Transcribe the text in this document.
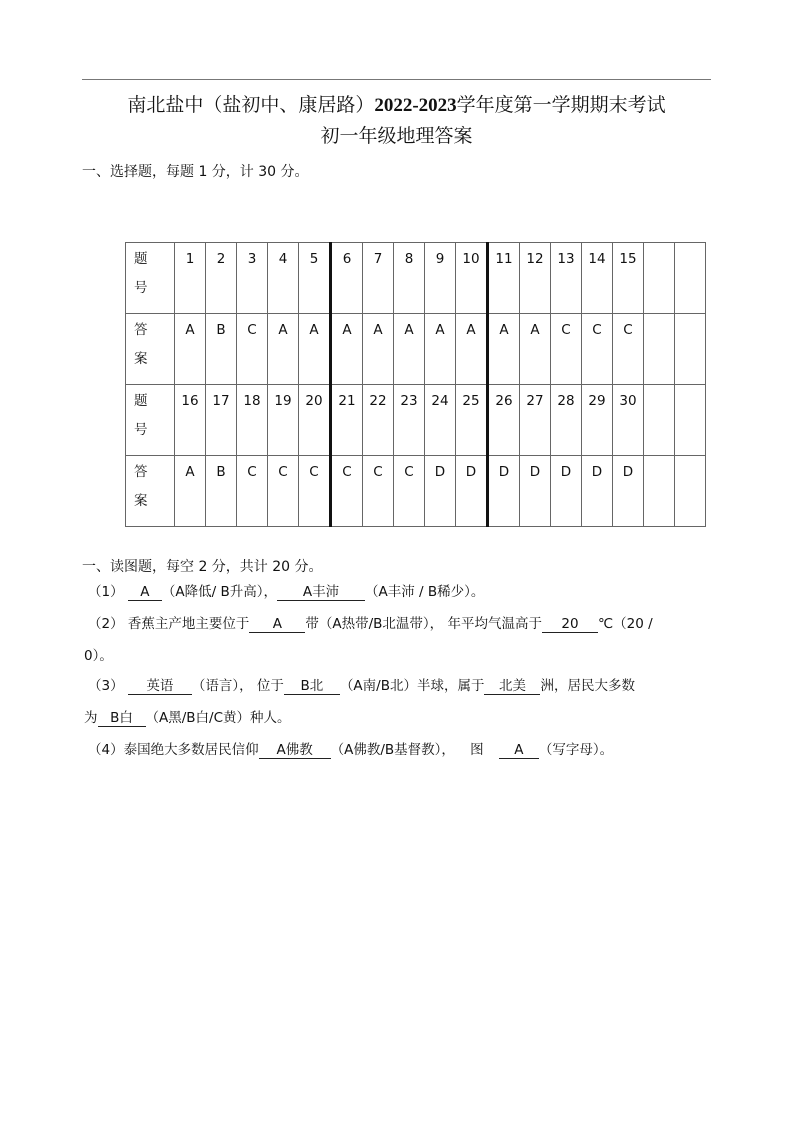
南北盐中（盐初中、康居路）2022-2023学年度第一学期期末考试
初一年级地理答案
一、选择题，每题 1 分，计 30 分。
题
号	1	2	3	4	5	6	7	8	9	10	11	12	13	14	15		
答
案	A	B	C	A	A	A	A	A	A	A	A	A	C	C	C		
题
号	16	17	18	19	20	21	22	23	24	25	26	27	28	29	30		
答
案	A	B	C	C	C	C	C	C	D	D	D	D	D	D	D		
一、读图题，每空 2 分，共计 20 分。
（1） A （A降低/ B升高）， A丰沛 （A丰沛 / B稀少）。
（2） 香蕉主产地主要位于 A 带（A热带/B北温带）， 年平均气温高于 20 ℃（20 /
0）。
（3） 英语 （语言）， 位于 B北 （A南/B北）半球，属于 北美 洲，居民大多数
为 B白 （A黑/B白/C黄）种人。
（4）泰国绝大多数居民信仰 A佛教 （A佛教/B基督教）， 图 A （写字母）。
